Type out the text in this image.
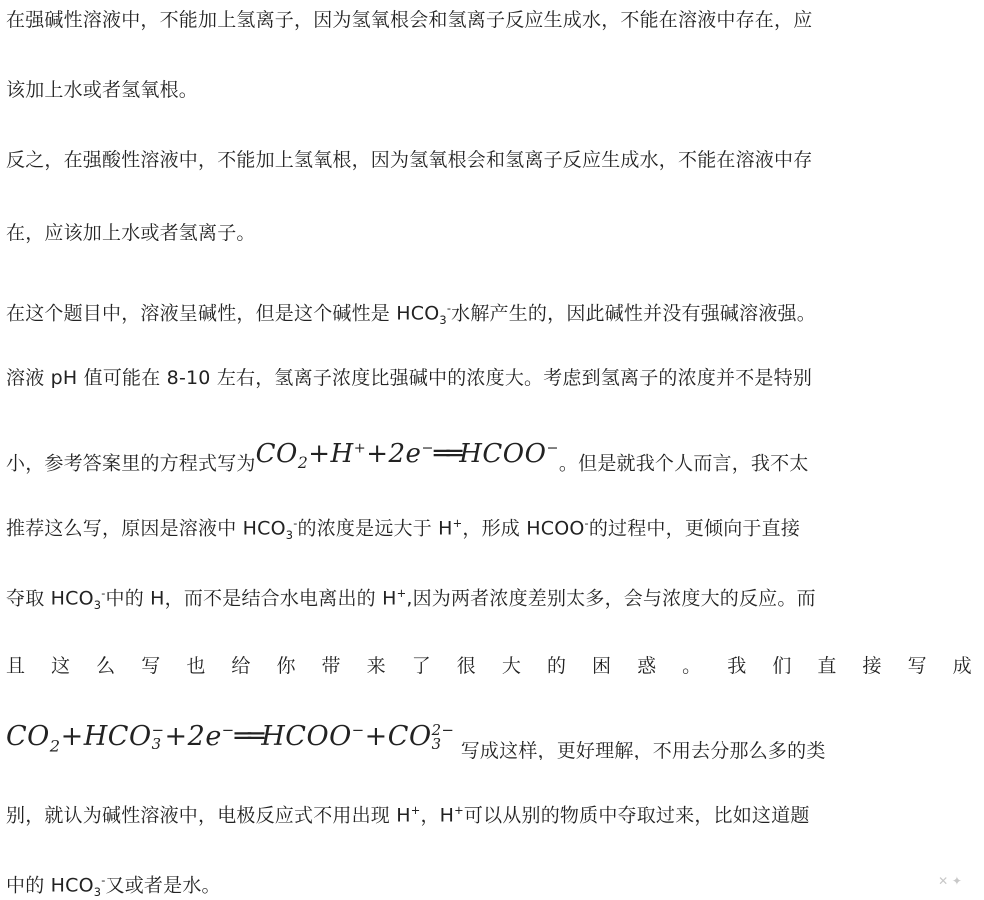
在强碱性溶液中，不能加上氢离子，因为氢氧根会和氢离子反应生成水，不能在溶液中存在，应
该加上水或者氢氧根。
反之，在强酸性溶液中，不能加上氢氧根，因为氢氧根会和氢离子反应生成水，不能在溶液中存
在，应该加上水或者氢离子。
在这个题目中，溶液呈碱性，但是这个碱性是 $HCO_3^-$水解产生的，因此碱性并没有强碱溶液强。
溶液 pH 值可能在 8-10 左右，氢离子浓度比强碱中的浓度大。考虑到氢离子的浓度并不是特别
小，参考答案里的方程式写为$CO_2+H^++2e^-══HCOO^-$。但是就我个人而言，我不太
推荐这么写，原因是溶液中 $HCO_3^-$的浓度是远大于 H+，形成 HCOO-的过程中，更倾向于直接
夺取 $HCO_3^-$中的 H，而不是结合水电离出的 H+,因为两者浓度差别太多，会与浓度大的反应。而
且 这 么 写 也 给 你 带 来 了 很 大 的 困 惑 。 我 们 直 接 写 成
$CO_2+HCO$ −
3 +2e−══HCOO−+CO 2−
3	写成这样，更好理解，不用去分那么多的类
别，就认为碱性溶液中，电极反应式不用出现 H+，H+可以从别的物质中夺取过来，比如这道题
中的 $HCO_3^-$又或者是水。	✕ ✦
